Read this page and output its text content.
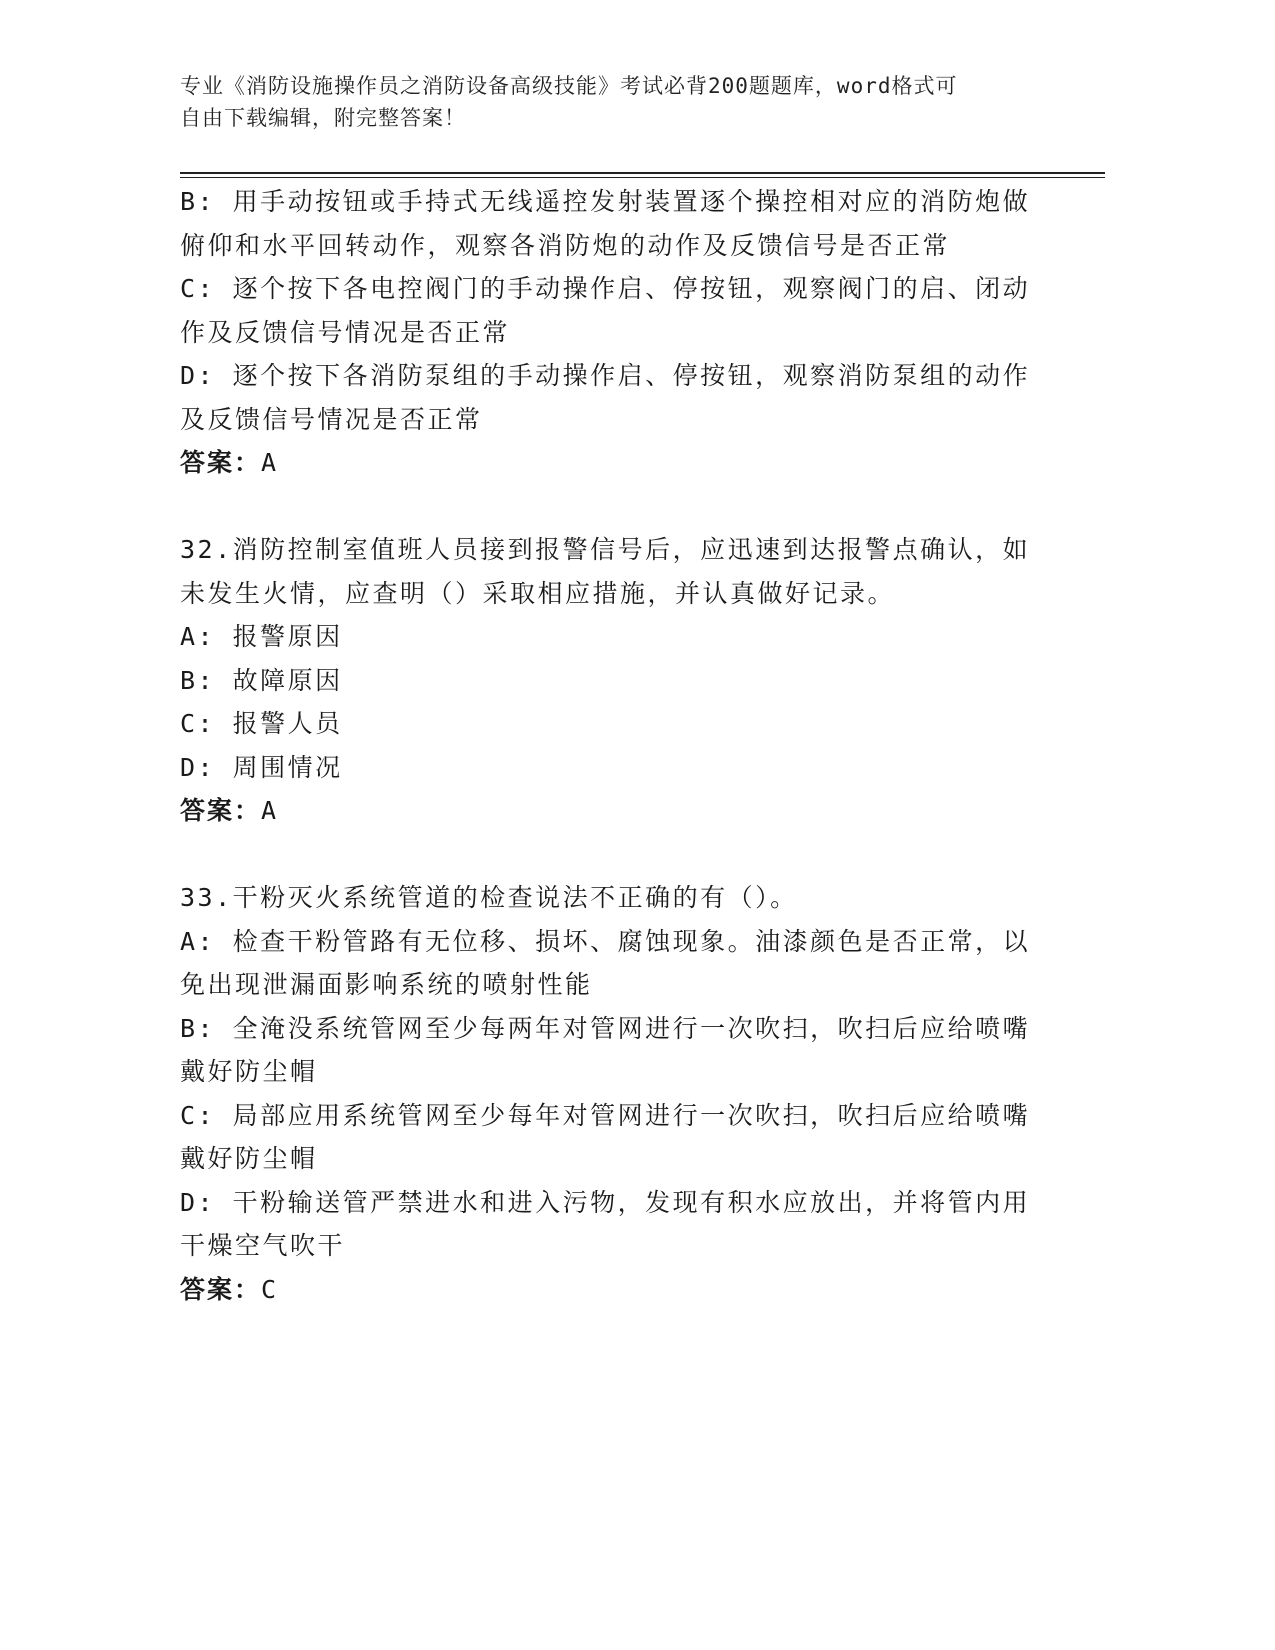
专业《消防设施操作员之消防设备高级技能》考试必背200题题库，word格式可
自由下载编辑，附完整答案！

B: 用手动按钮或手持式无线遥控发射装置逐个操控相对应的消防炮做

俯仰和水平回转动作，观察各消防炮的动作及反馈信号是否正常

C: 逐个按下各电控阀门的手动操作启、停按钮，观察阀门的启、闭动

作及反馈信号情况是否正常

D: 逐个按下各消防泵组的手动操作启、停按钮，观察消防泵组的动作

及反馈信号情况是否正常

答案：A

32.消防控制室值班人员接到报警信号后，应迅速到达报警点确认，如

未发生火情，应查明（）采取相应措施，并认真做好记录。

A: 报警原因

B: 故障原因

C: 报警人员

D: 周围情况

答案：A

33.干粉灭火系统管道的检查说法不正确的有（）。

A: 检查干粉管路有无位移、损坏、腐蚀现象。油漆颜色是否正常，以

免出现泄漏面影响系统的喷射性能

B: 全淹没系统管网至少每两年对管网进行一次吹扫，吹扫后应给喷嘴

戴好防尘帽

C: 局部应用系统管网至少每年对管网进行一次吹扫，吹扫后应给喷嘴

戴好防尘帽

D: 干粉输送管严禁进水和进入污物，发现有积水应放出，并将管内用

干燥空气吹干

答案：C
